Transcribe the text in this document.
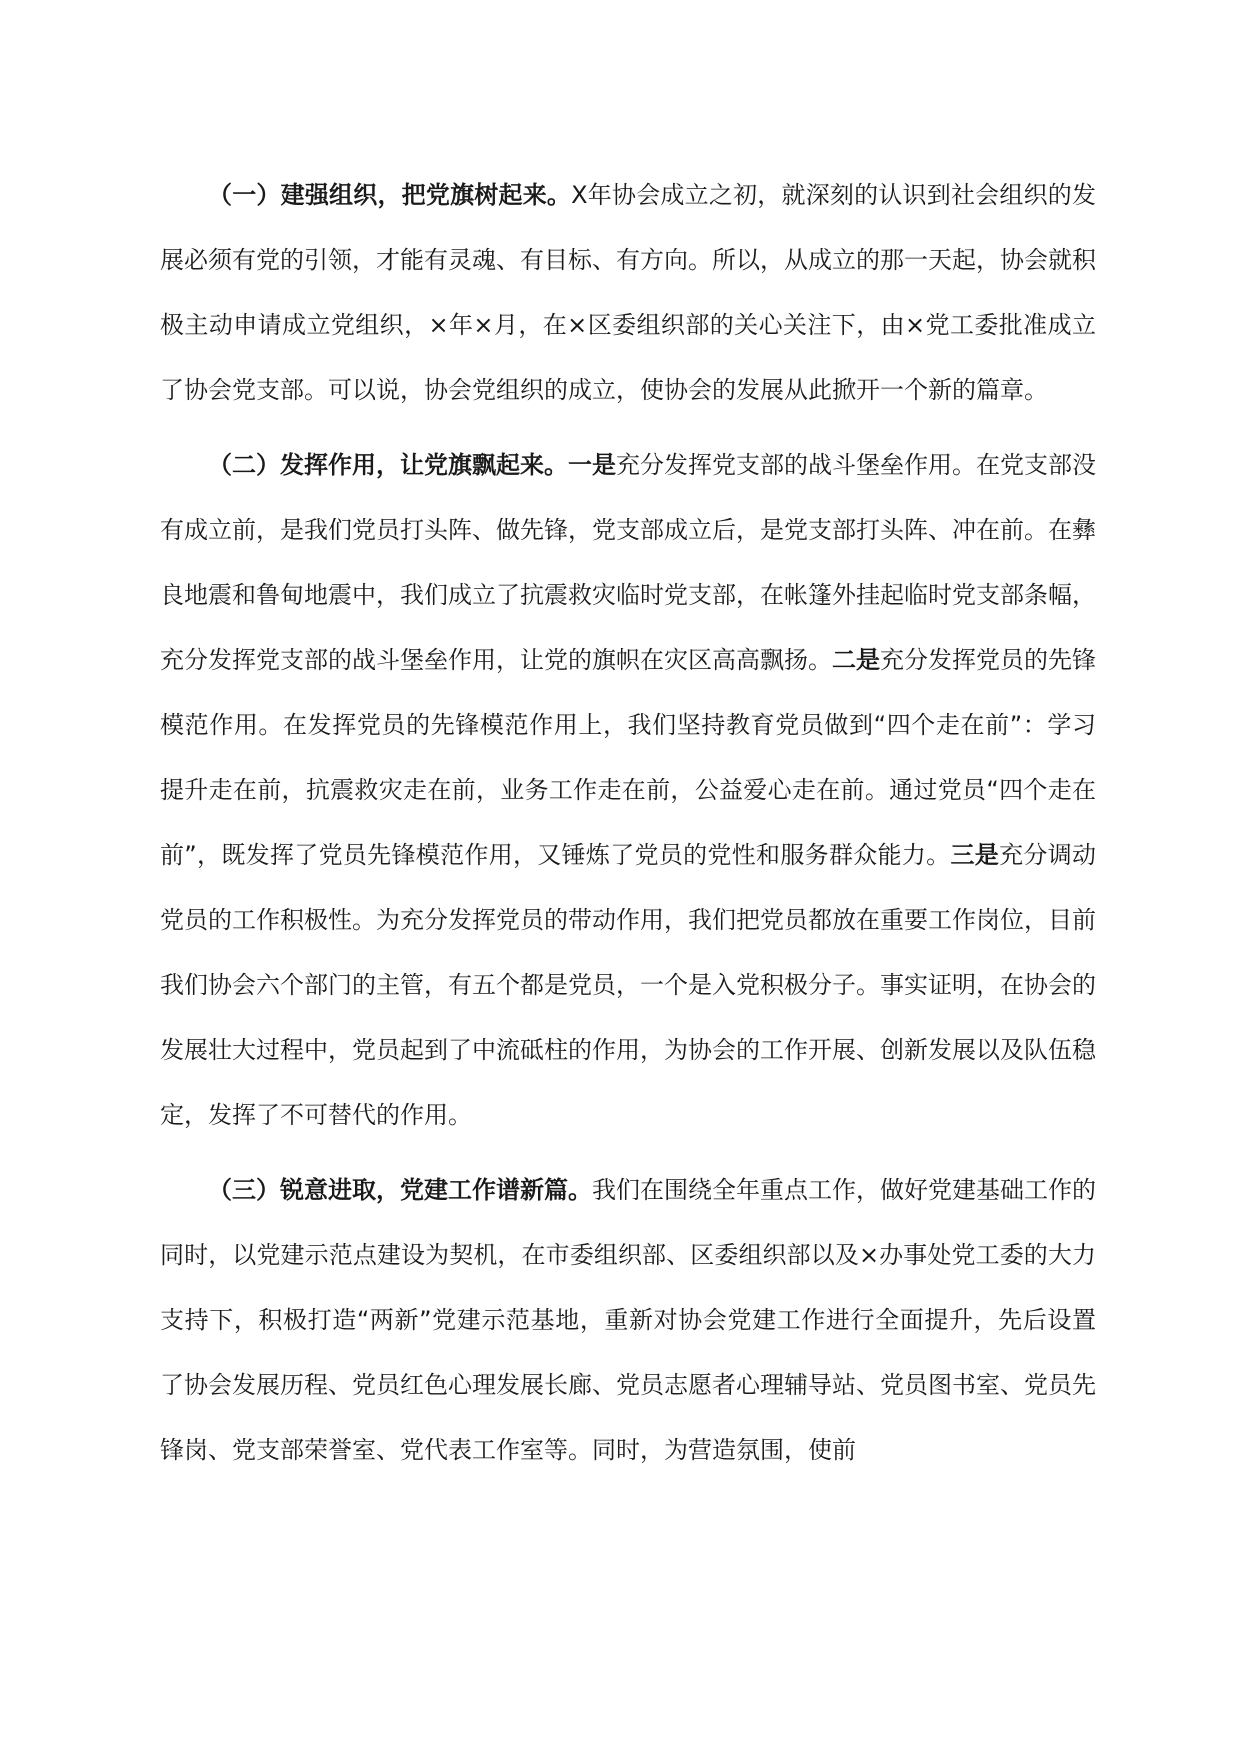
（一）建强组织，把党旗树起来。X年协会成立之初，就深刻的认识到社会组织的发展必须有党的引领，才能有灵魂、有目标、有方向。所以，从成立的那一天起，协会就积极主动申请成立党组织，×年×月，在×区委组织部的关心关注下，由×党工委批准成立了协会党支部。可以说，协会党组织的成立，使协会的发展从此掀开一个新的篇章。

（二）发挥作用，让党旗飘起来。一是充分发挥党支部的战斗堡垒作用。在党支部没有成立前，是我们党员打头阵、做先锋，党支部成立后，是党支部打头阵、冲在前。在彝良地震和鲁甸地震中，我们成立了抗震救灾临时党支部，在帐篷外挂起临时党支部条幅，充分发挥党支部的战斗堡垒作用，让党的旗帜在灾区高高飘扬。二是充分发挥党员的先锋模范作用。在发挥党员的先锋模范作用上，我们坚持教育党员做到“四个走在前”：学习提升走在前，抗震救灾走在前，业务工作走在前，公益爱心走在前。通过党员“四个走在前”，既发挥了党员先锋模范作用，又锤炼了党员的党性和服务群众能力。三是充分调动党员的工作积极性。为充分发挥党员的带动作用，我们把党员都放在重要工作岗位，目前我们协会六个部门的主管，有五个都是党员，一个是入党积极分子。事实证明，在协会的发展壮大过程中，党员起到了中流砥柱的作用，为协会的工作开展、创新发展以及队伍稳定，发挥了不可替代的作用。

（三）锐意进取，党建工作谱新篇。我们在围绕全年重点工作，做好党建基础工作的同时，以党建示范点建设为契机，在市委组织部、区委组织部以及×办事处党工委的大力支持下，积极打造“两新”党建示范基地，重新对协会党建工作进行全面提升，先后设置了协会发展历程、党员红色心理发展长廊、党员志愿者心理辅导站、党员图书室、党员先锋岗、党支部荣誉室、党代表工作室等。同时，为营造氛围，使前
